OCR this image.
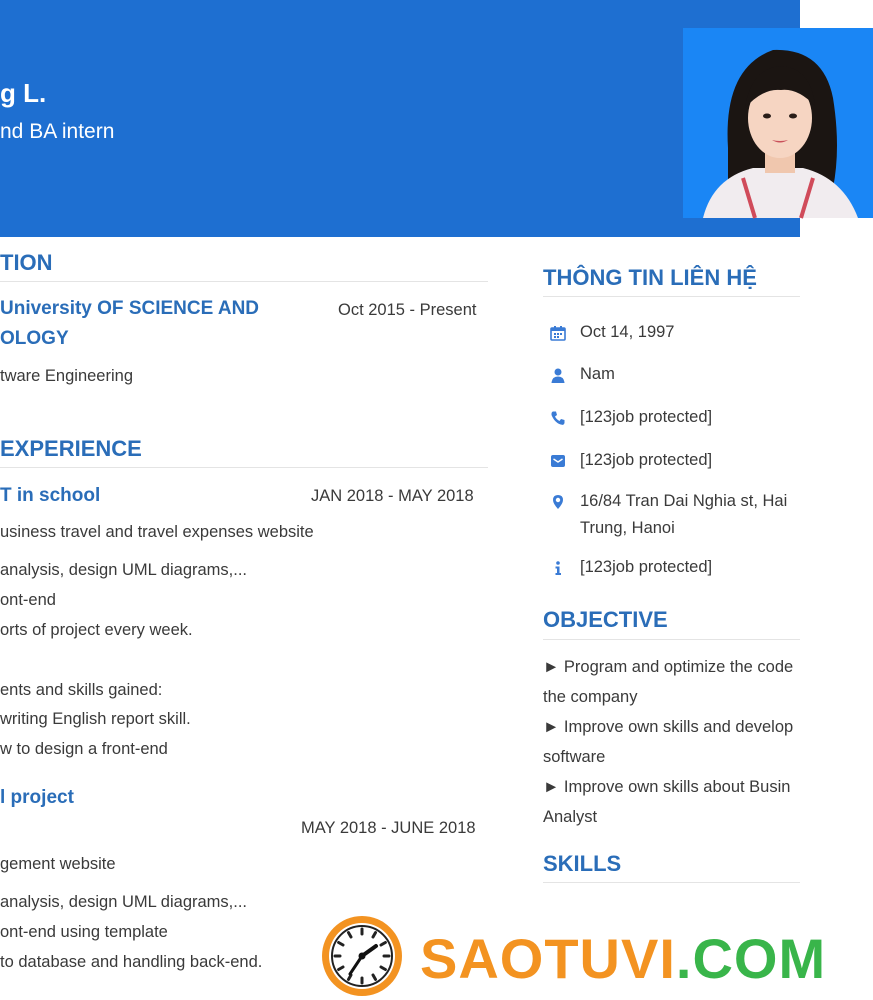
g L.
nd BA intern
TION
University OF SCIENCE AND
OLOGY
Oct 2015 - Present
tware Engineering
EXPERIENCE
T in school	JAN 2018 - MAY 2018
usiness travel and travel expenses website
analysis, design UML diagrams,...
ont-end
orts of project every week.
ents and skills gained:
writing English report skill.
w to design a front-end
l project
MAY 2018 - JUNE 2018
gement website
analysis, design UML diagrams,...
ont-end using template
to database and handling back-end.
THÔNG TIN LIÊN HỆ
Oct 14, 1997
Nam
[123job protected]
[123job protected]
16/84 Tran Dai Nghia st, Hai
Trung, Hanoi
[123job protected]
OBJECTIVE
► Program and optimize the code
the company
► Improve own skills and develop
software
► Improve own skills about Busin
Analyst
SKILLS
SAOTUVI.COM
